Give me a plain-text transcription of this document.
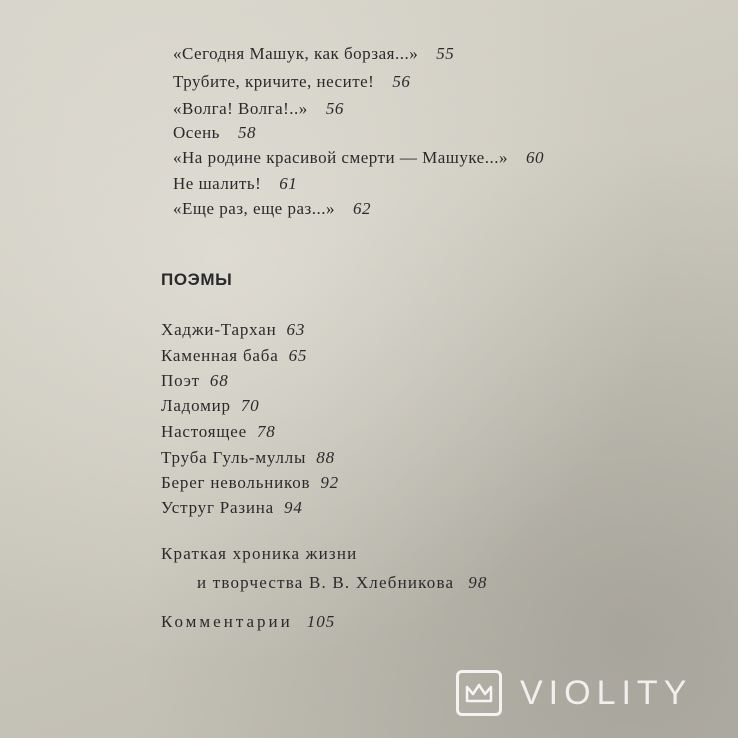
«Сегодня Машук, как борзая...» 55
Трубите, кричите, несите! 56
«Волга! Волга!..» 56
Осень 58
«На родине красивой смерти — Машуке...» 60
Не шалить! 61
«Еще раз, еще раз...» 62
ПОЭМЫ
Хаджи-Тархан 63
Каменная баба 65
Поэт 68
Ладомир 70
Настоящее 78
Труба Гуль-муллы 88
Берег невольников 92
Уструг Разина 94
Краткая хроника жизни
и творчества В. В. Хлебникова 98
Комментарии 105
VIOLITY
